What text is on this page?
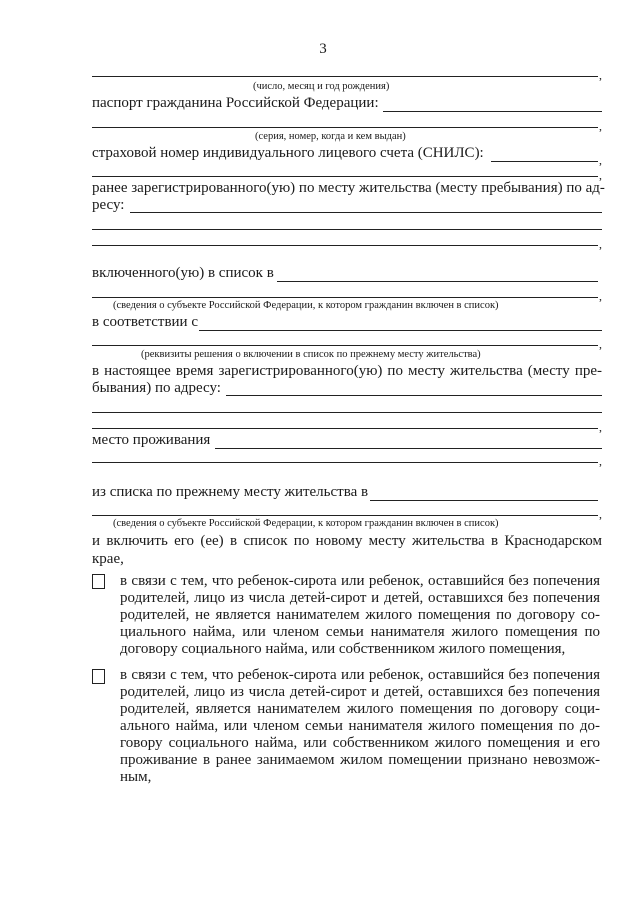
3
,
(число, месяц и год рождения)
паспорт гражданина Российской Федерации:
,
(серия, номер, когда и кем выдан)
страховой номер индивидуального лицевого счета (СНИЛС):	,
,
ранее зарегистрированного(ую) по месту жительства (месту пребывания) по ад-
ресу:
,
включенного(ую) в список в
,
(сведения о субъекте Российской Федерации, к котором гражданин включен в список)
в соответствии с
,
(реквизиты решения о включении в список по прежнему месту жительства)
в настоящее время зарегистрированного(ую) по месту жительства (месту пре-
бывания) по адресу:
,
место проживания
,
из списка по прежнему месту жительства в
,
(сведения о субъекте Российской Федерации, к котором гражданин включен в список)
и включить его (ее) в список по новому месту жительства в Краснодарском
крае,
в связи с тем, что ребенок-сирота или ребенок, оставшийся без попечения
родителей, лицо из числа детей-сирот и детей, оставшихся без попечения
родителей, не является нанимателем жилого помещения по договору со-
циального найма, или членом семьи нанимателя жилого помещения по
договору социального найма, или собственником жилого помещения,
в связи с тем, что ребенок-сирота или ребенок, оставшийся без попечения
родителей, лицо из числа детей-сирот и детей, оставшихся без попечения
родителей, является нанимателем жилого помещения по договору соци-
ального найма, или членом семьи нанимателя жилого помещения по до-
говору социального найма, или собственником жилого помещения и его
проживание в ранее занимаемом жилом помещении признано невозмож-
ным,
